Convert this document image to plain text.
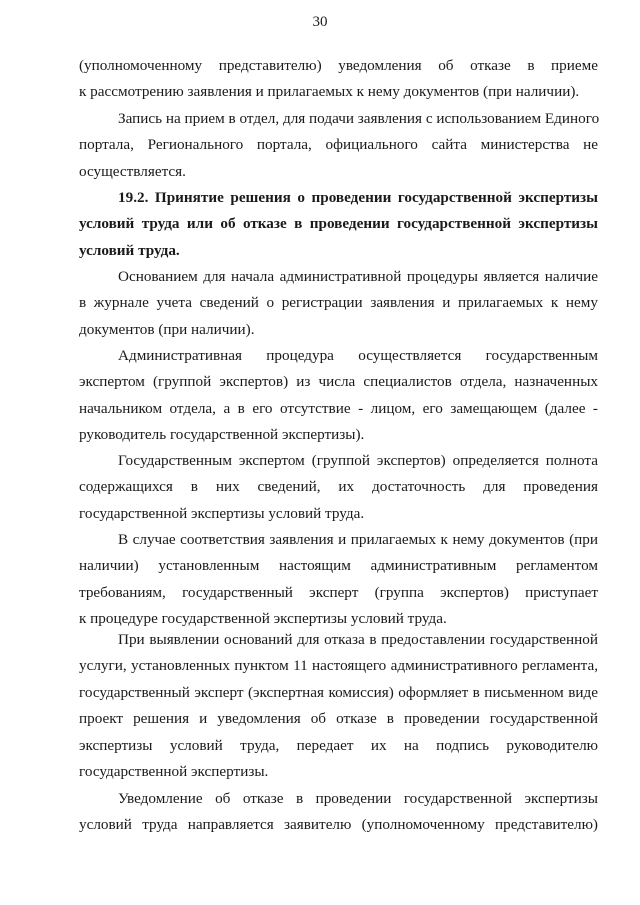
30
(уполномоченному представителю) уведомления об отказе в приеме
к рассмотрению заявления и прилагаемых к нему документов (при наличии).
Запись на прием в отдел, для подачи заявления с использованием Единого
портала, Регионального портала, официального сайта министерства не
осуществляется.
19.2. Принятие решения о проведении государственной экспертизы
условий труда или об отказе в проведении государственной экспертизы
условий труда.
Основанием для начала административной процедуры является наличие
в журнале учета сведений о регистрации заявления и прилагаемых к нему
документов (при наличии).
Административная процедура осуществляется государственным
экспертом (группой экспертов) из числа специалистов отдела, назначенных
начальником отдела, а в его отсутствие - лицом, его замещающем (далее -
руководитель государственной экспертизы).
Государственным экспертом (группой экспертов) определяется полнота
содержащихся в них сведений, их достаточность для проведения
государственной экспертизы условий труда.
В случае соответствия заявления и прилагаемых к нему документов (при
наличии) установленным настоящим административным регламентом
требованиям, государственный эксперт (группа экспертов) приступает
к процедуре государственной экспертизы условий труда.
При выявлении оснований для отказа в предоставлении государственной
услуги, установленных пунктом 11 настоящего административного регламента,
государственный эксперт (экспертная комиссия) оформляет в письменном виде
проект решения и уведомления об отказе в проведении государственной
экспертизы условий труда, передает их на подпись руководителю
государственной экспертизы.
Уведомление об отказе в проведении государственной экспертизы
условий труда направляется заявителю (уполномоченному представителю)
